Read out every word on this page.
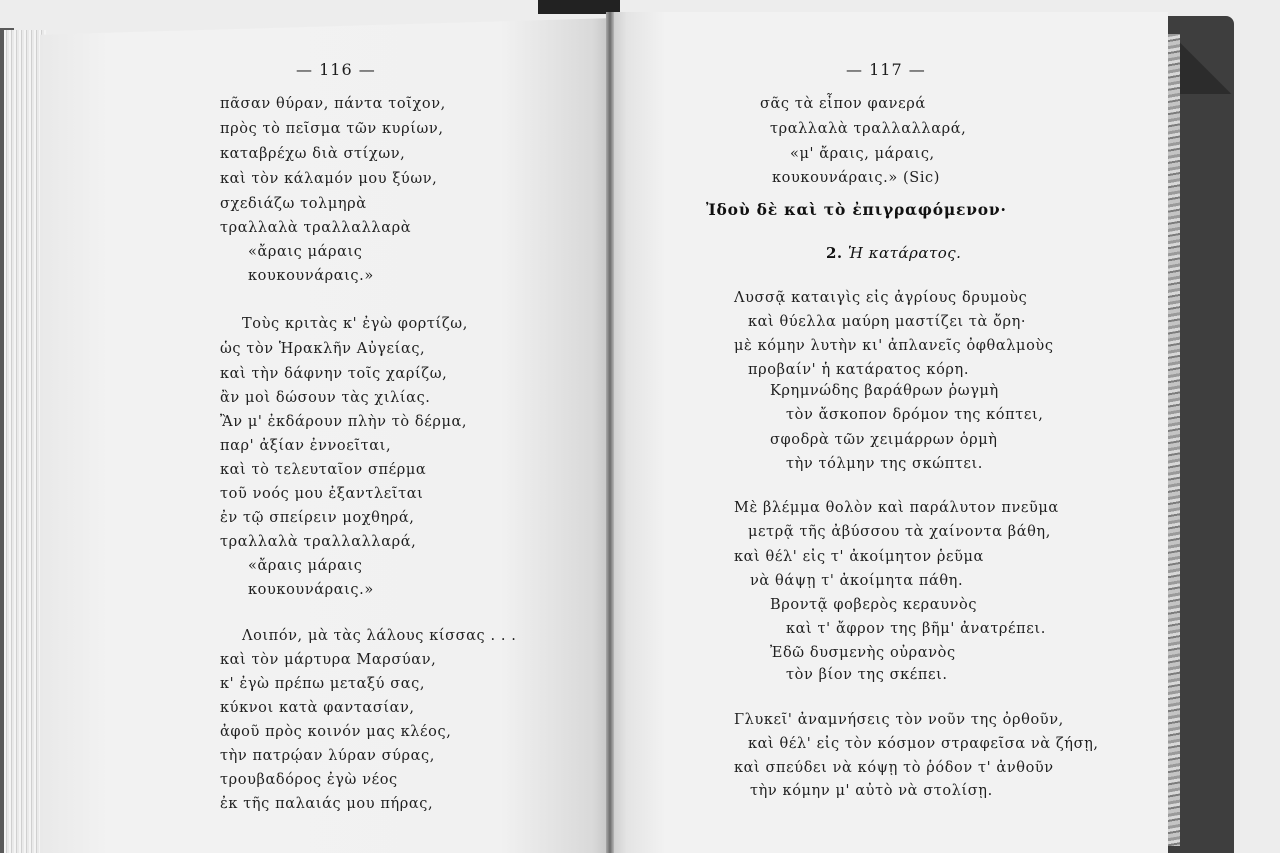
— 116 —
πᾶσαν θύραν, πάντα τοῖχον,
πρὸς τὸ πεῖσμα τῶν κυρίων,
καταβρέχω διὰ στίχων,
καὶ τὸν κάλαμόν μου ξύων,
σχεδιάζω τολμηρὰ
τραλλαλὰ τραλλαλλαρὰ
«ἄραις μάραις
κουκουνάραις.»
Τοὺς κριτὰς κ' ἐγὼ φορτίζω,
ὡς τὸν Ἡρακλῆν Αὐγείας,
καὶ τὴν δάφνην τοῖς χαρίζω,
ἂν μοὶ δώσουν τὰς χιλίας.
Ἂν μ' ἐκδάρουν πλὴν τὸ δέρμα,
παρ' ἀξίαν ἐννοεῖται,
καὶ τὸ τελευταῖον σπέρμα
τοῦ νοός μου ἐξαντλεῖται
ἐν τῷ σπείρειν μοχθηρά,
τραλλαλὰ τραλλαλλαρά,
«ἄραις μάραις
κουκουνάραις.»
Λοιπόν, μὰ τὰς λάλους κίσσας . . .
καὶ τὸν μάρτυρα Μαρσύαν,
κ' ἐγὼ πρέπω μεταξύ σας,
κύκνοι κατὰ φαντασίαν,
ἀφοῦ πρὸς κοινόν μας κλέος,
τὴν πατρῴαν λύραν σύρας,
τρουβαδόρος ἐγὼ νέος
ἐκ τῆς παλαιάς μου πήρας,
— 117 —
σᾶς τὰ εἶπον φανερά
τραλλαλὰ τραλλαλλαρά,
«μ' ἄραις, μάραις,
κουκουνάραις.» (Sic)
Ἰδοὺ δὲ καὶ τὸ ἐπιγραφόμενον·
2. Ἡ κατάρατος.
Λυσσᾷ καταιγὶς εἰς ἀγρίους δρυμοὺς
καὶ θύελλα μαύρη μαστίζει τὰ ὄρη·
μὲ κόμην λυτὴν κι' ἀπλανεῖς ὀφθαλμοὺς
προβαίν' ἡ κατάρατος κόρη.
Κρημνώδης βαράθρων ῥωγμὴ
τὸν ἄσκοπον δρόμον της κόπτει,
σφοδρὰ τῶν χειμάρρων ὁρμὴ
τὴν τόλμην της σκώπτει.
Μὲ βλέμμα θολὸν καὶ παράλυτον πνεῦμα
μετρᾷ τῆς ἀβύσσου τὰ χαίνοντα βάθη,
καὶ θέλ' εἰς τ' ἀκοίμητον ῥεῦμα
νὰ θάψῃ τ' ἀκοίμητα πάθη.
Βροντᾷ φοβερὸς κεραυνὸς
καὶ τ' ἄφρον της βῆμ' ἀνατρέπει.
Ἐδῶ δυσμενὴς οὐρανὸς
τὸν βίον της σκέπει.
Γλυκεῖ' ἀναμνήσεις τὸν νοῦν της ὀρθοῦν,
καὶ θέλ' εἰς τὸν κόσμον στραφεῖσα νὰ ζήσῃ,
καὶ σπεύδει νὰ κόψῃ τὸ ῥόδον τ' ἀνθοῦν
τὴν κόμην μ' αὐτὸ νὰ στολίσῃ.
